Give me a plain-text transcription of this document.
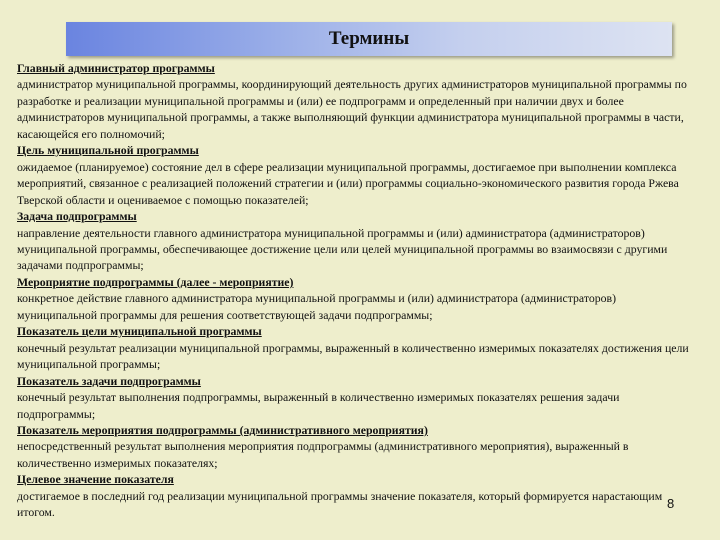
Термины
Главный администратор программы
администратор муниципальной программы, координирующий деятельность других администраторов муниципальной программы по разработке и реализации муниципальной программы и (или) ее подпрограмм и определенный при наличии двух и более администраторов муниципальной программы, а также выполняющий функции администратора муниципальной программы в части, касающейся его полномочий;
Цель муниципальной программы
ожидаемое (планируемое) состояние дел в сфере реализации муниципальной программы, достигаемое при выполнении комплекса мероприятий, связанное с реализацией положений стратегии и (или) программы социально-экономического развития города Ржева Тверской области и оцениваемое с помощью показателей;
Задача подпрограммы
направление деятельности главного администратора муниципальной программы и (или) администратора (администраторов) муниципальной программы, обеспечивающее достижение цели или целей муниципальной программы во взаимосвязи с другими задачами подпрограммы;
Мероприятие подпрограммы (далее - мероприятие)
конкретное действие главного администратора муниципальной программы и (или) администратора (администраторов) муниципальной программы для решения соответствующей задачи подпрограммы;
Показатель цели муниципальной программы
конечный результат реализации муниципальной программы, выраженный в количественно измеримых показателях достижения цели муниципальной программы;
Показатель задачи подпрограммы
конечный результат выполнения подпрограммы, выраженный в количественно измеримых показателях решения задачи подпрограммы;
Показатель мероприятия подпрограммы (административного мероприятия)
непосредственный результат выполнения мероприятия подпрограммы (административного мероприятия), выраженный в количественно измеримых показателях;
Целевое значение показателя
достигаемое в последний год реализации муниципальной программы значение показателя, который формируется нарастающим итогом.
8
